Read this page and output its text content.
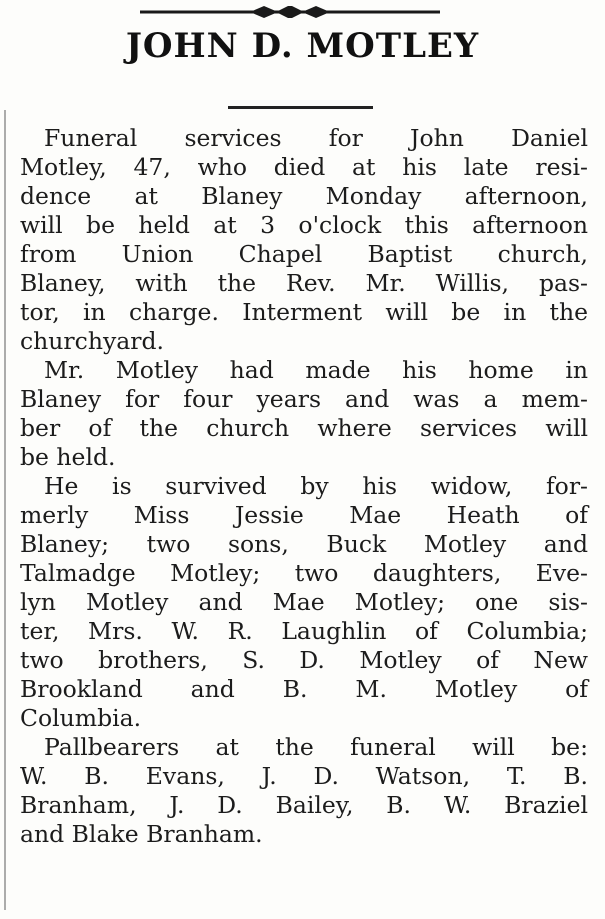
JOHN D. MOTLEY
Funeral services for John Daniel
Motley, 47, who died at his late resi-
dence at Blaney Monday afternoon,
will be held at 3 o'clock this afternoon
from Union Chapel Baptist church,
Blaney, with the Rev. Mr. Willis, pas-
tor, in charge. Interment will be in the
churchyard.
Mr. Motley had made his home in
Blaney for four years and was a mem-
ber of the church where services will
be held.
He is survived by his widow, for-
merly Miss Jessie Mae Heath of
Blaney; two sons, Buck Motley and
Talmadge Motley; two daughters, Eve-
lyn Motley and Mae Motley; one sis-
ter, Mrs. W. R. Laughlin of Columbia;
two brothers, S. D. Motley of New
Brookland and B. M. Motley of
Columbia.
Pallbearers at the funeral will be:
W. B. Evans, J. D. Watson, T. B.
Branham, J. D. Bailey, B. W. Braziel
and Blake Branham.
